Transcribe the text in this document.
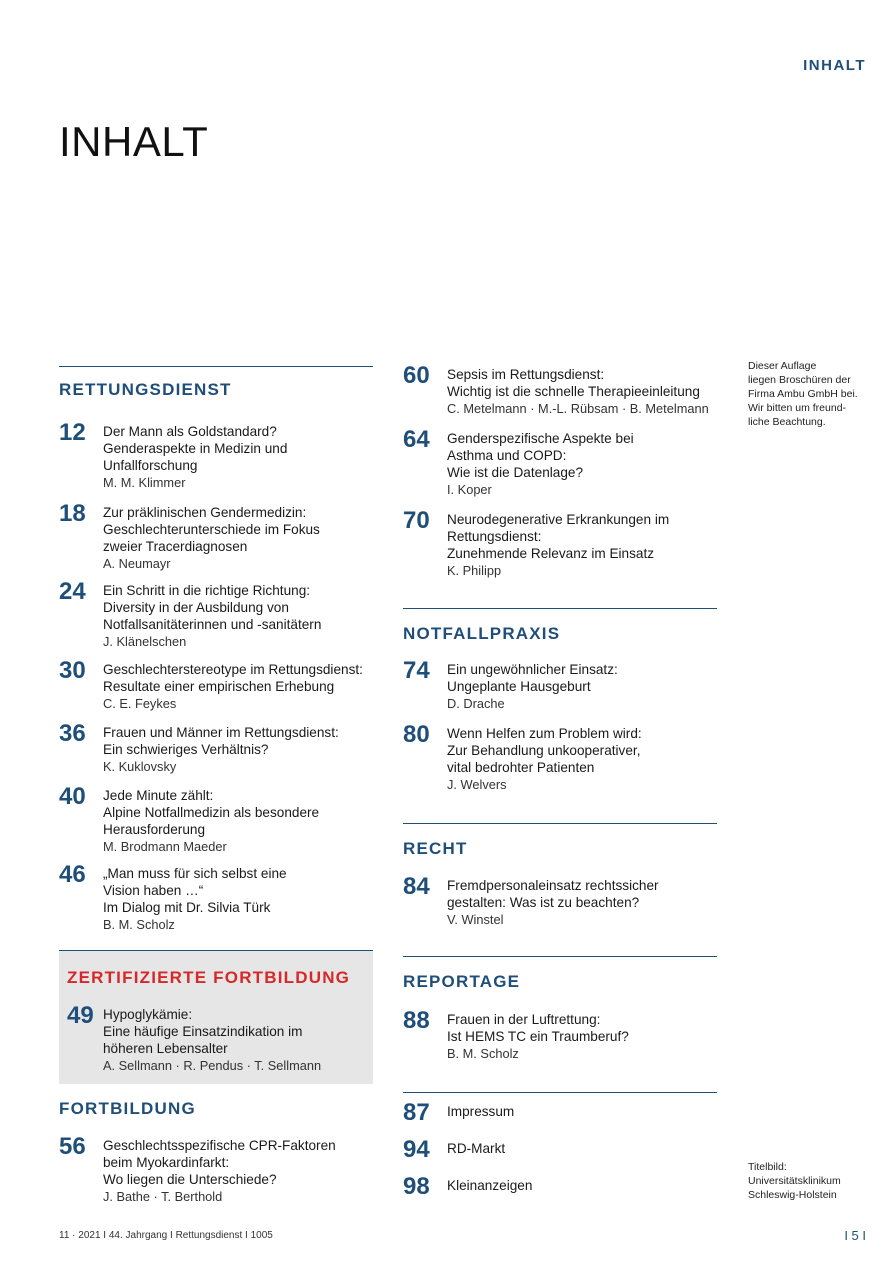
INHALT
INHALT
RETTUNGSDIENST
12 Der Mann als Goldstandard?
Genderaspekte in Medizin und
Unfallforschung

M. M. Klimmer

18 Zur präklinischen Gendermedizin:
Geschlechterunterschiede im Fokus
zweier Tracerdiagnosen

A. Neumayr

24 Ein Schritt in die richtige Richtung:
Diversity in der Ausbildung von
Notfallsanitäterinnen und -sanitätern

J. Klänelschen

30 Geschlechterstereotype im Rettungsdienst:
Resultate einer empirischen Erhebung

C. E. Feykes

36 Frauen und Männer im Rettungsdienst:
Ein schwieriges Verhältnis?

K. Kuklovsky

40 Jede Minute zählt:
Alpine Notfallmedizin als besondere
Herausforderung

M. Brodmann Maeder

46 „Man muss für sich selbst eine
Vision haben …“
Im Dialog mit Dr. Silvia Türk

B. M. Scholz

ZERTIFIZIERTE FORTBILDUNG
49 Hypoglykämie:
Eine häufige Einsatzindikation im
höheren Lebensalter

A. Sellmann · R. Pendus · T. Sellmann

FORTBILDUNG
56 Geschlechtsspezifische CPR-Faktoren
beim Myokardinfarkt:
Wo liegen die Unterschiede?

J. Bathe · T. Berthold

60 Sepsis im Rettungsdienst:
Wichtig ist die schnelle Therapieeinleitung

C. Metelmann · M.-L. Rübsam · B. Metelmann

64 Genderspezifische Aspekte bei
Asthma und COPD:
Wie ist die Datenlage?

I. Koper

70 Neurodegenerative Erkrankungen im
Rettungsdienst:
Zunehmende Relevanz im Einsatz

K. Philipp

NOTFALLPRAXIS
74 Ein ungewöhnlicher Einsatz:
Ungeplante Hausgeburt

D. Drache

80 Wenn Helfen zum Problem wird:
Zur Behandlung unkooperativer,
vital bedrohter Patienten

J. Welvers

RECHT
84 Fremdpersonaleinsatz rechtssicher
gestalten: Was ist zu beachten?

V. Winstel

REPORTAGE
88 Frauen in der Luftrettung:
Ist HEMS TC ein Traumberuf?

B. M. Scholz

87 Impressum

94 RD-Markt

98 Kleinanzeigen

Dieser Auflage
liegen Broschüren der
Firma Ambu GmbH bei.
Wir bitten um freund-
liche Beachtung.
Titelbild:
Universitätsklinikum
Schleswig-Holstein
11 · 2021 I 44. Jahrgang I Rettungsdienst I 1005	I 5 I
